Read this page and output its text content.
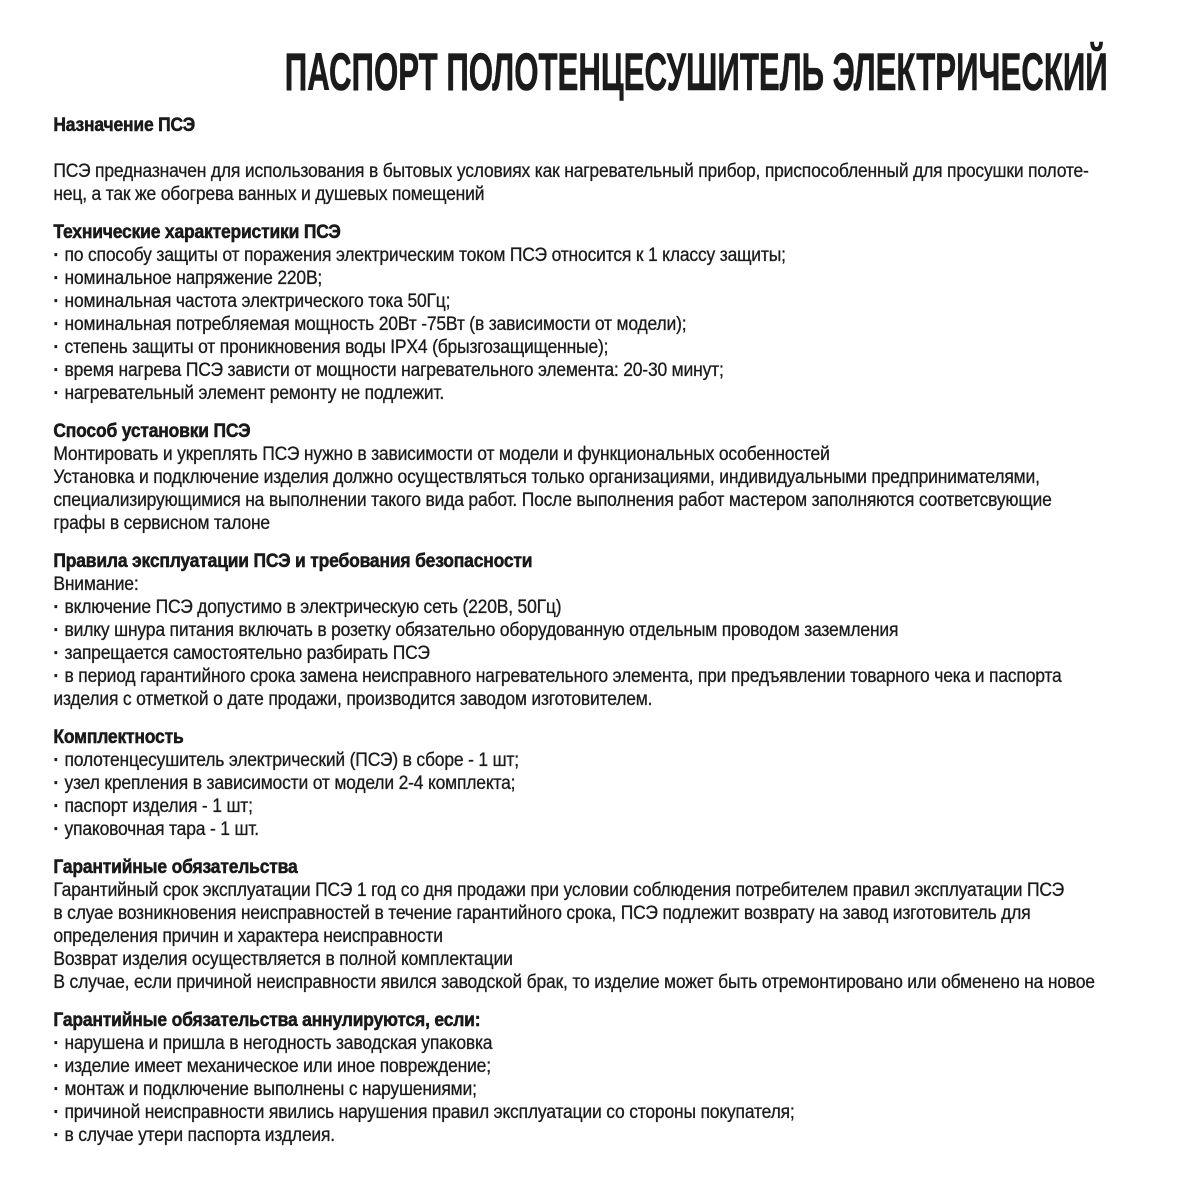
ПАСПОРТ ПОЛОТЕНЦЕСУШИТЕЛЬ ЭЛЕКТРИЧЕСКИЙ
Назначение ПСЭ
ПСЭ предназначен для использования в бытовых условиях как нагревательный прибор, приспособленный для просушки полоте-
нец, а так же обогрева ванных и душевых помещений
Технические характеристики ПСЭ
· по способу защиты от поражения электрическим током ПСЭ относится к 1 классу защиты;
· номинальное напряжение 220В;
· номинальная частота электрического тока 50Гц;
· номинальная потребляемая мощность 20Вт -75Вт (в зависимости от модели);
· степень защиты от проникновения воды IPX4 (брызгозащищенные);
· время нагрева ПСЭ зависти от мощности нагревательного элемента: 20-30 минут;
· нагревательный элемент ремонту не подлежит.
Способ установки ПСЭ
Монтировать и укреплять ПСЭ нужно в зависимости от модели и функциональных особенностей
Установка и подключение изделия должно осуществляться только организациями, индивидуальными предпринимателями,
специализирующимися на выполнении такого вида работ. После выполнения работ мастером заполняются соответсвующие
графы в сервисном талоне
Правила эксплуатации ПСЭ и требования безопасности
Внимание:
· включение ПСЭ допустимо в электрическую сеть (220В, 50Гц)
· вилку шнура питания включать в розетку обязательно оборудованную отдельным проводом заземления
· запрещается самостоятельно разбирать ПСЭ
· в период гарантийного срока замена неисправного нагревательного элемента, при предъявлении товарного чека и паспорта
изделия с отметкой о дате продажи, производится заводом изготовителем.
Комплектность
· полотенцесушитель электрический (ПСЭ) в сборе - 1 шт;
· узел крепления в зависимости от модели 2-4 комплекта;
· паспорт изделия - 1 шт;
· упаковочная тара - 1 шт.
Гарантийные обязательства
Гарантийный срок эксплуатации ПСЭ 1 год со дня продажи при условии соблюдения потребителем правил эксплуатации ПСЭ
в слуае возникновения неисправностей в течение гарантийного срока, ПСЭ подлежит возврату на завод изготовитель для
определения причин и характера неисправности
Возврат изделия осуществляется в полной комплектации
В случае, если причиной неисправности явился заводской брак, то изделие может быть отремонтировано или обменено на новое
Гарантийные обязательства аннулируются, если:
· нарушена и пришла в негодность заводская упаковка
· изделие имеет механическое или иное повреждение;
· монтаж и подключение выполнены с нарушениями;
· причиной неисправности явились нарушения правил эксплуатации со стороны покупателя;
· в случае утери паспорта издлеия.
